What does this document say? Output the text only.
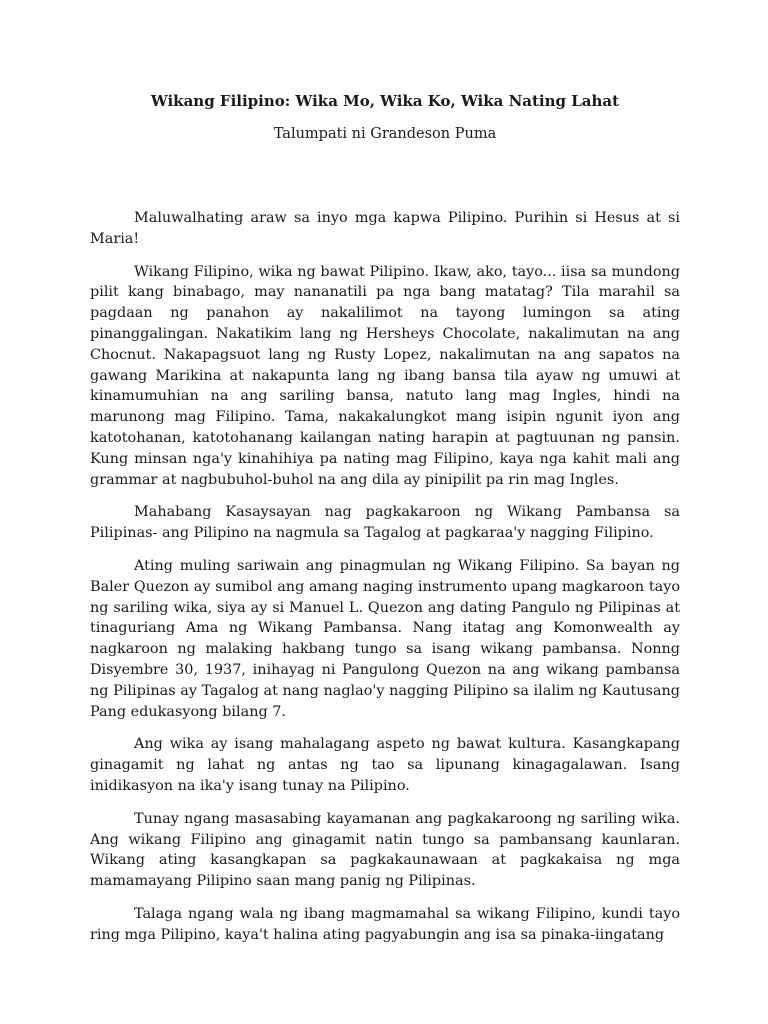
Wikang Filipino: Wika Mo, Wika Ko, Wika Nating Lahat

Talumpati ni Grandeson Puma

Maluwalhating araw sa inyo mga kapwa Pilipino. Purihin si Hesus at si Maria!

Wikang Filipino, wika ng bawat Pilipino. Ikaw, ako, tayo... iisa sa mundong pilit kang binabago, may nananatili pa nga bang matatag? Tila marahil sa pagdaan ng panahon ay nakalilimot na tayong lumingon sa ating pinanggalingan. Nakatikim lang ng Hersheys Chocolate, nakalimutan na ang Chocnut. Nakapagsuot lang ng Rusty Lopez, nakalimutan na ang sapatos na gawang Marikina at nakapunta lang ng ibang bansa tila ayaw ng umuwi at kinamumuhian na ang sariling bansa, natuto lang mag Ingles, hindi na marunong mag Filipino. Tama, nakakalungkot mang isipin ngunit iyon ang katotohanan, katotohanang kailangan nating harapin at pagtuunan ng pansin. Kung minsan nga'y kinahihiya pa nating mag Filipino, kaya nga kahit mali ang grammar at nagbubuhol-buhol na ang dila ay pinipilit pa rin mag Ingles.

Mahabang Kasaysayan nag pagkakaroon ng Wikang Pambansa sa Pilipinas- ang Pilipino na nagmula sa Tagalog at pagkaraa'y nagging Filipino.

Ating muling sariwain ang pinagmulan ng Wikang Filipino. Sa bayan ng Baler Quezon ay sumibol ang amang naging instrumento upang magkaroon tayo ng sariling wika, siya ay si Manuel L. Quezon ang dating Pangulo ng Pilipinas at tinaguriang Ama ng Wikang Pambansa. Nang itatag ang Komonwealth ay nagkaroon ng malaking hakbang tungo sa isang wikang pambansa. Nonng Disyembre 30, 1937, inihayag ni Pangulong Quezon na ang wikang pambansa ng Pilipinas ay Tagalog at nang naglao'y nagging Pilipino sa ilalim ng Kautusang Pang edukasyong bilang 7.

Ang wika ay isang mahalagang aspeto ng bawat kultura. Kasangkapang ginagamit ng lahat ng antas ng tao sa lipunang kinagagalawan. Isang inidikasyon na ika'y isang tunay na Pilipino.

Tunay ngang masasabing kayamanan ang pagkakaroong ng sariling wika. Ang wikang Filipino ang ginagamit natin tungo sa pambansang kaunlaran. Wikang ating kasangkapan sa pagkakaunawaan at pagkakaisa ng mga mamamayang Pilipino saan mang panig ng Pilipinas.

Talaga ngang wala ng ibang magmamahal sa wikang Filipino, kundi tayo ring mga Pilipino, kaya't halina ating pagyabungin ang isa sa pinaka-iingatang
